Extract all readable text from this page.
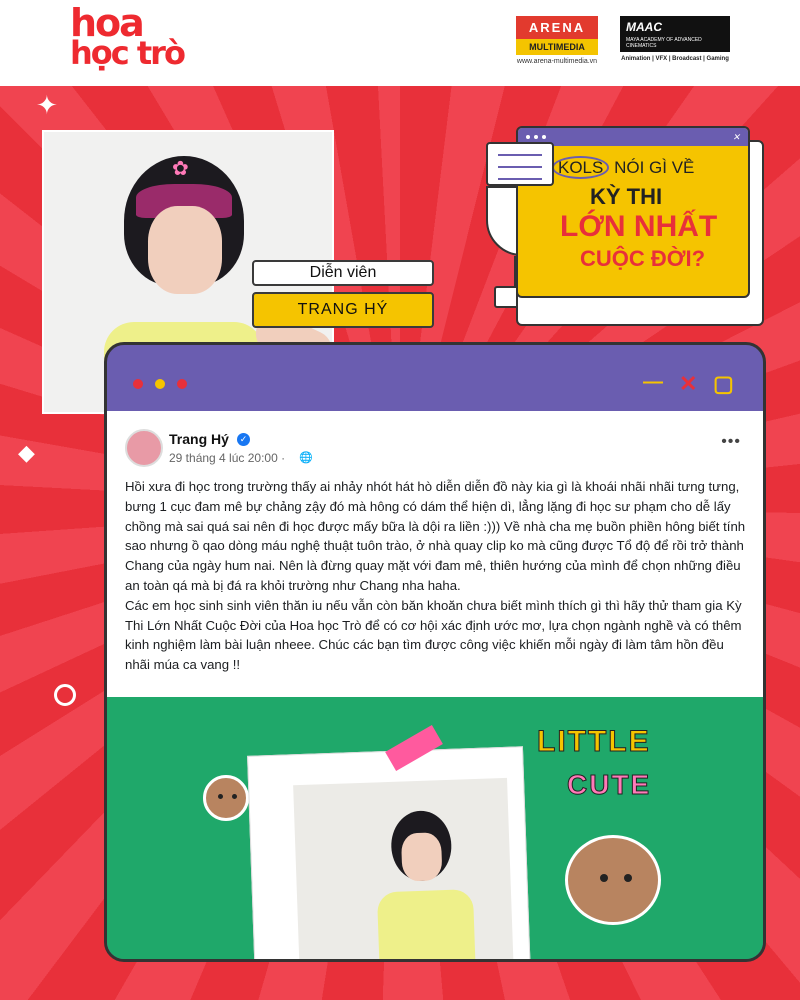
hoa
học trò
ARENA
MULTIMEDIA
www.arena-multimedia.vn
MAAC
MAYA ACADEMY OF ADVANCED CINEMATICS
Animation | VFX | Broadcast | Gaming
✦
◆
✿
Diễn viên
TRANG HÝ
✕
KOLS NÓI GÌ VỀ
KỲ THI
LỚN NHẤT
CUỘC ĐỜI?
— ✕ ▢
Trang Hý	✓
29 tháng 4 lúc 20:00 · 🌐
•••

Hồi xưa đi học trong trường thấy ai nhảy nhót hát hò diễn diễn đồ này kia gì là khoái nhãi nhãi tưng tưng, bưng 1 cục đam mê bự chảng zậy đó mà hông có dám thể hiện dì, lẳng lặng đi học sư phạm cho dễ lấy chồng mà sai quá sai nên đi học được mấy bữa là dội ra liền :))) Về nhà cha mẹ buồn phiền hông biết tính sao nhưng ồ qao dòng máu nghệ thuật tuôn trào, ở nhà quay clip ko mà cũng được Tổ độ để rồi trở thành Chang của ngày hum nai. Nên là đừng quay mặt với đam mê, thiên hướng của mình để chọn những điều an toàn qá mà bị đá ra khỏi trường như Chang nha haha.

Các em học sinh sinh viên thăn iu nếu vẫn còn băn khoăn chưa biết mình thích gì thì hãy thử tham gia Kỳ Thi Lớn Nhất Cuộc Đời của Hoa học Trò để có cơ hội xác định ước mơ, lựa chọn ngành nghề và có thêm kinh nghiệm làm bài luận nheee. Chúc các bạn tìm được công việc khiến mỗi ngày đi làm tâm hồn đều nhãi múa ca vang !!

LITTLE
CUTE
